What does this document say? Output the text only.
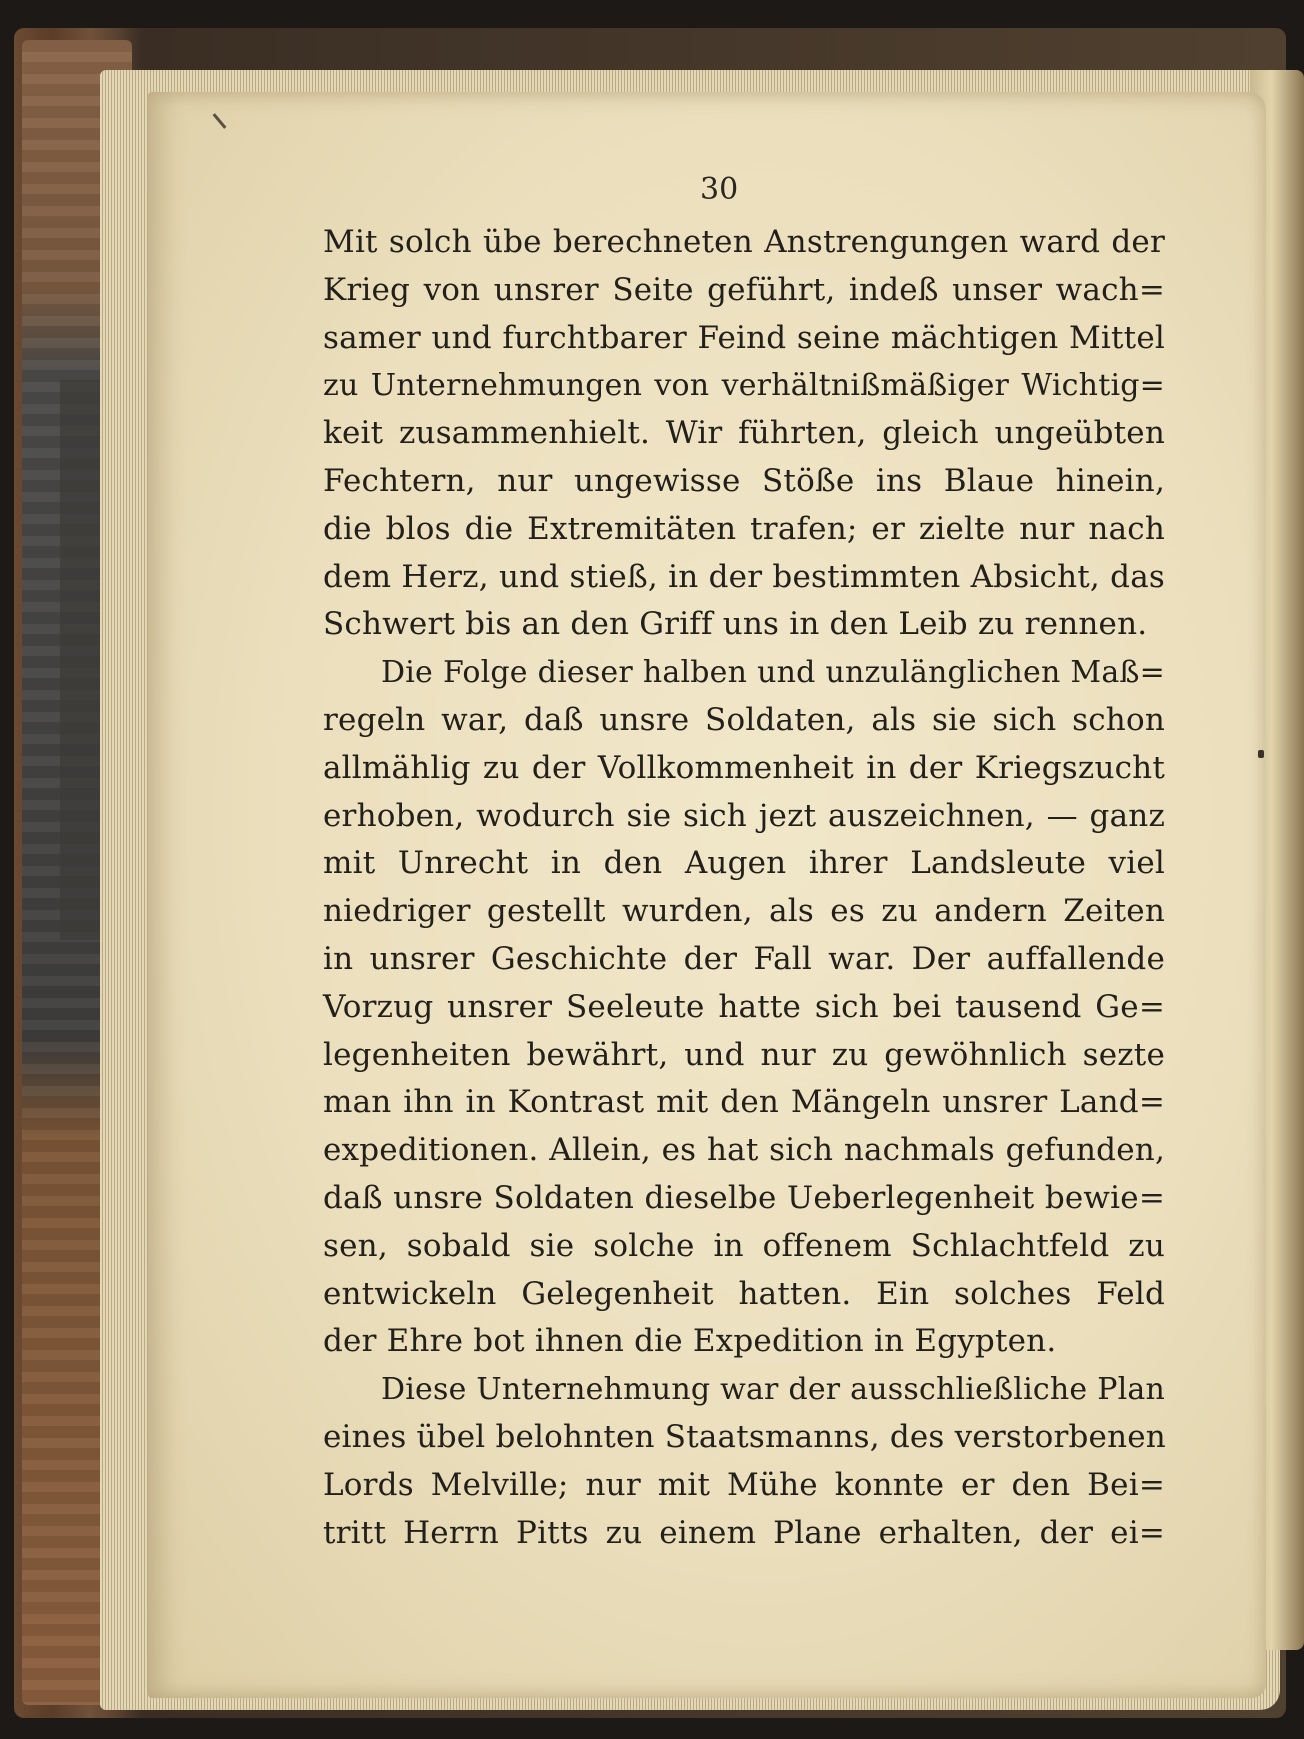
30
Mit solch übe berechneten Anstrengungen ward der
Krieg von unsrer Seite geführt, indeß unser wach=
samer und furchtbarer Feind seine mächtigen Mittel
zu Unternehmungen von verhältnißmäßiger Wichtig=
keit zusammenhielt. Wir führten, gleich ungeübten
Fechtern, nur ungewisse Stöße ins Blaue hinein,
die blos die Extremitäten trafen; er zielte nur nach
dem Herz, und stieß, in der bestimmten Absicht, das
Schwert bis an den Griff uns in den Leib zu rennen.
Die Folge dieser halben und unzulänglichen Maß=
regeln war, daß unsre Soldaten, als sie sich schon
allmählig zu der Vollkommenheit in der Kriegszucht
erhoben, wodurch sie sich jezt auszeichnen, — ganz
mit Unrecht in den Augen ihrer Landsleute viel
niedriger gestellt wurden, als es zu andern Zeiten
in unsrer Geschichte der Fall war. Der auffallende
Vorzug unsrer Seeleute hatte sich bei tausend Ge=
legenheiten bewährt, und nur zu gewöhnlich sezte
man ihn in Kontrast mit den Mängeln unsrer Land=
expeditionen. Allein, es hat sich nachmals gefunden,
daß unsre Soldaten dieselbe Ueberlegenheit bewie=
sen, sobald sie solche in offenem Schlachtfeld zu
entwickeln Gelegenheit hatten. Ein solches Feld
der Ehre bot ihnen die Expedition in Egypten.
Diese Unternehmung war der ausschließliche Plan
eines übel belohnten Staatsmanns, des verstorbenen
Lords Melville; nur mit Mühe konnte er den Bei=
tritt Herrn Pitts zu einem Plane erhalten, der ei=
